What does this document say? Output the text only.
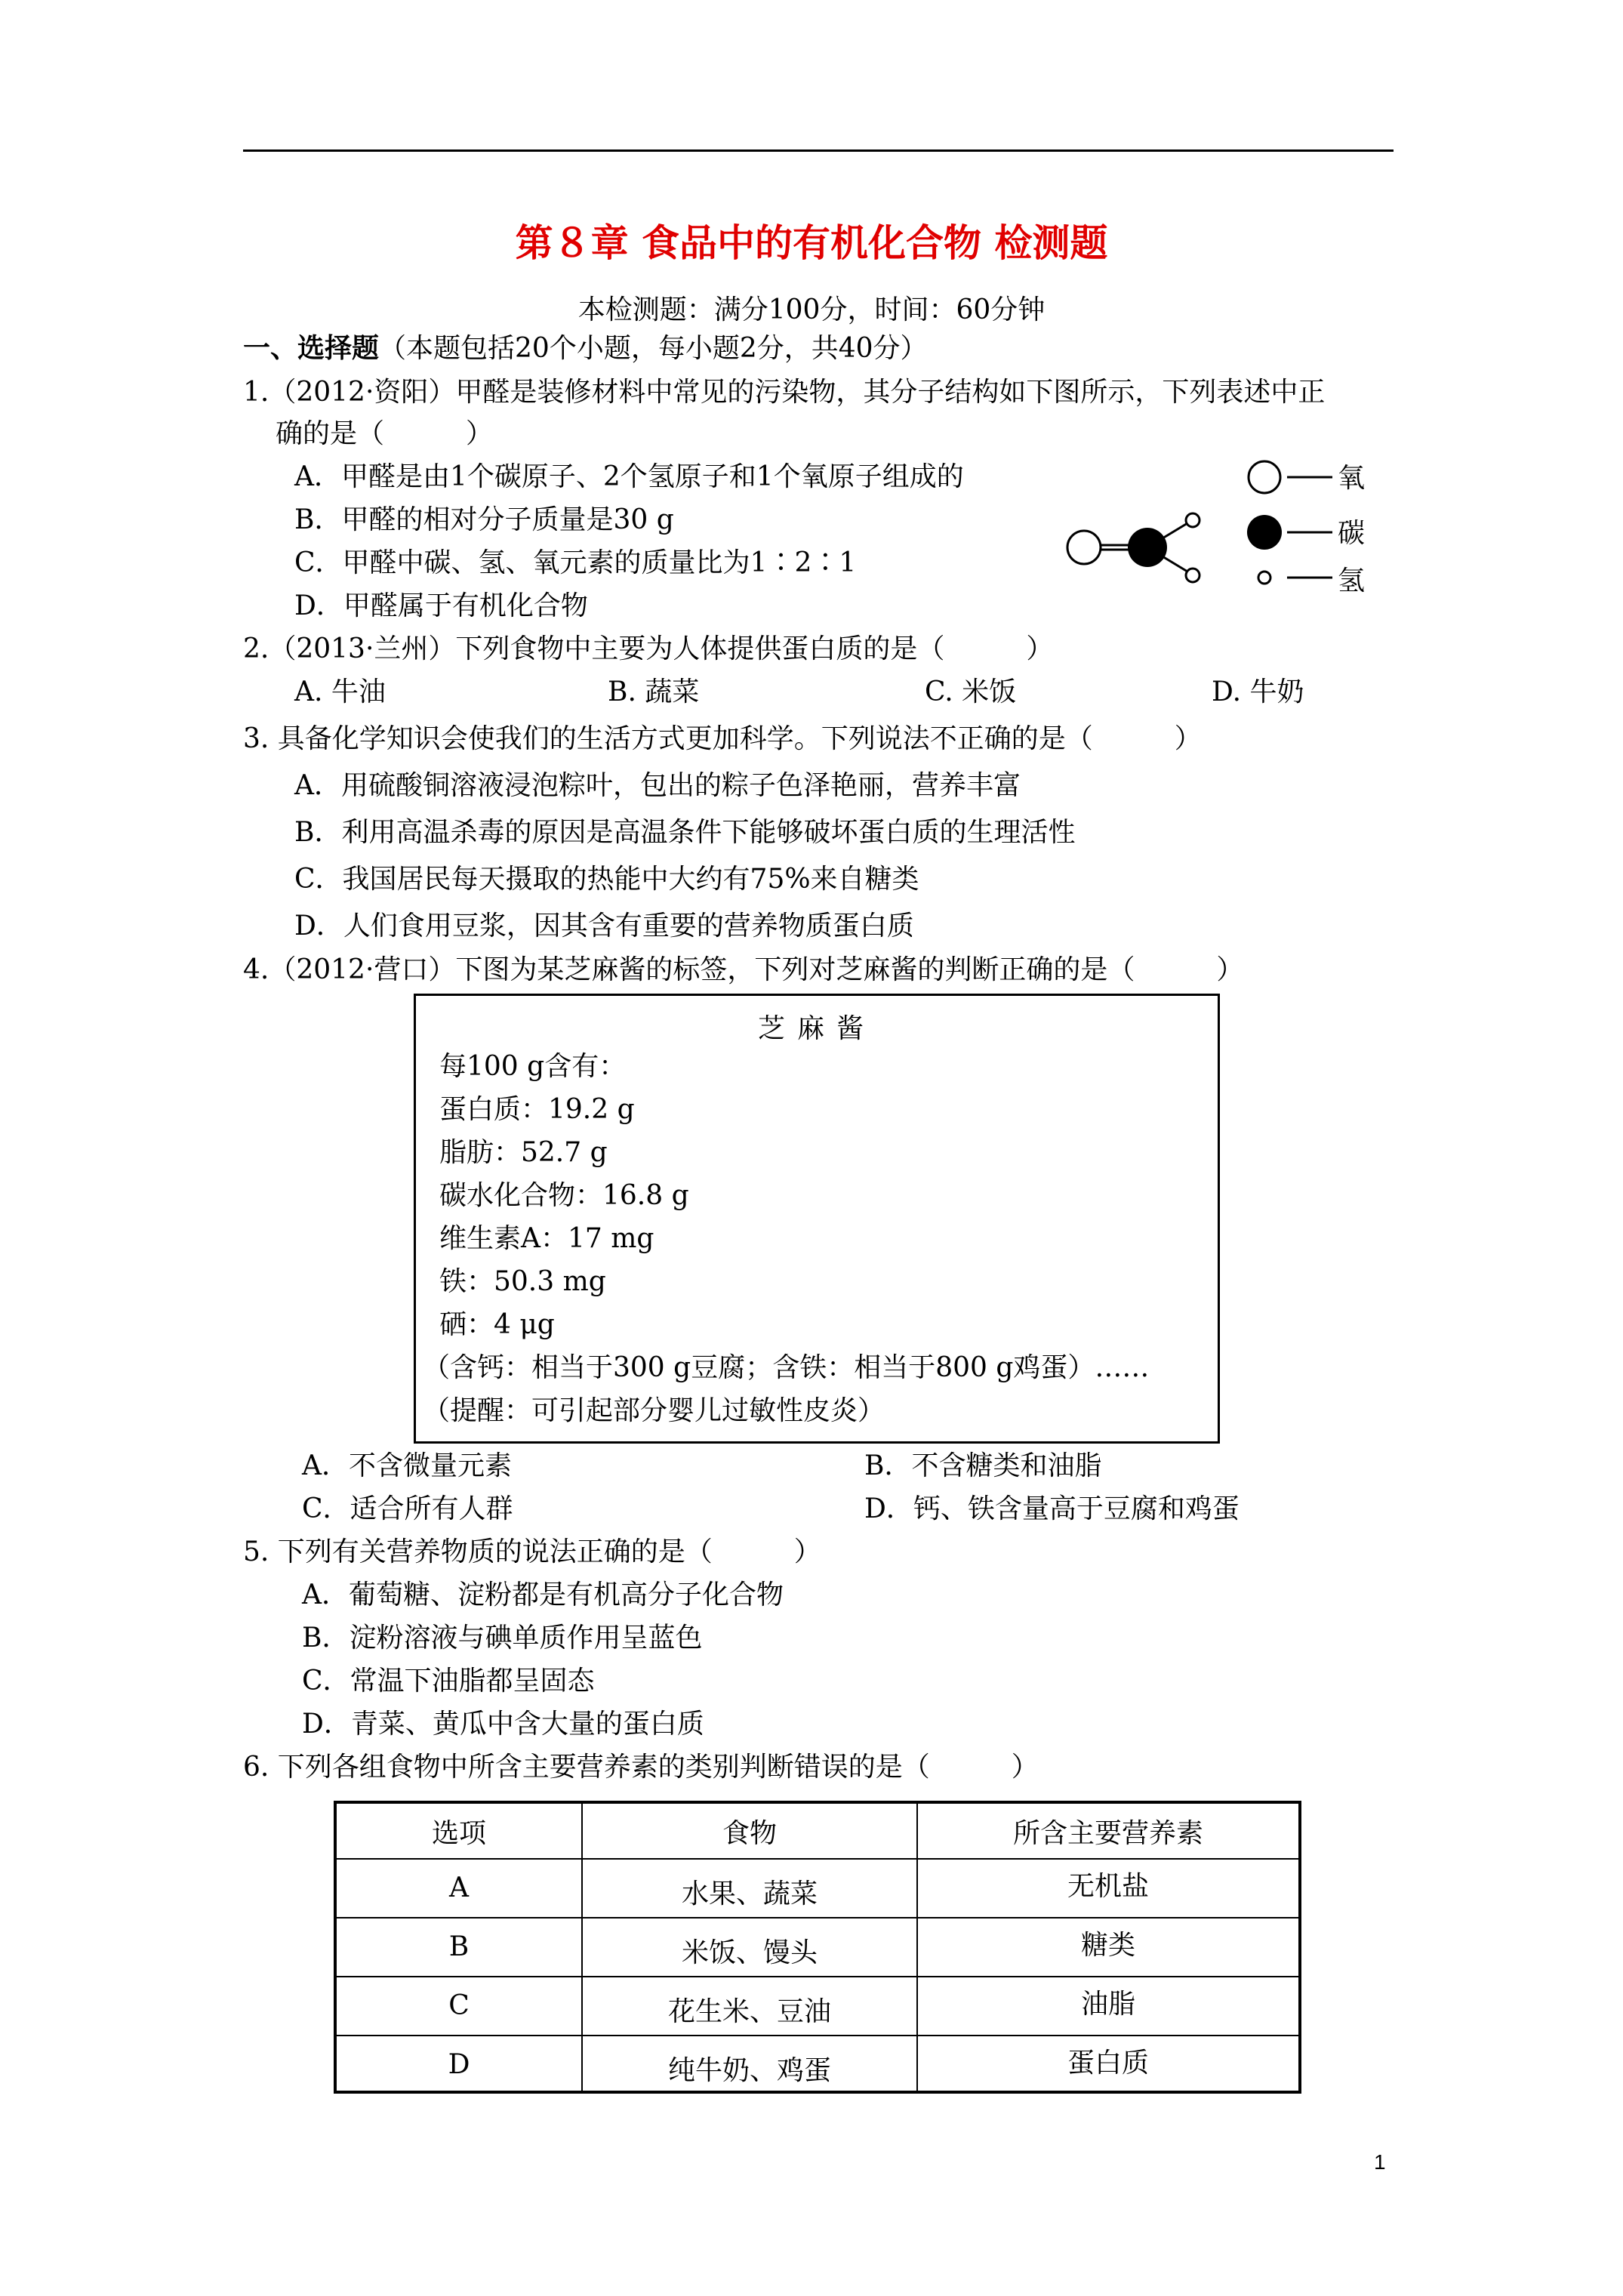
第８章 食品中的有机化合物 检测题
本检测题：满分100分，时间：60分钟
一、选择题（本题包括20个小题，每小题2分，共40分）
1.（2012·资阳）甲醛是装修材料中常见的污染物，其分子结构如下图所示，下列表述中正
确的是（　　　）
A．甲醛是由1个碳原子、2个氢原子和1个氧原子组成的
B．甲醛的相对分子质量是30 g
C．甲醛中碳、氢、氧元素的质量比为1∶2∶1
D．甲醛属于有机化合物
氧
碳
氢
2.（2013·兰州）下列食物中主要为人体提供蛋白质的是（　　　）
A. 牛油	B. 蔬菜	C. 米饭	D. 牛奶
3. 具备化学知识会使我们的生活方式更加科学。下列说法不正确的是（　　　）
A．用硫酸铜溶液浸泡粽叶，包出的粽子色泽艳丽，营养丰富
B．利用高温杀毒的原因是高温条件下能够破坏蛋白质的生理活性
C．我国居民每天摄取的热能中大约有75%来自糖类
D．人们食用豆浆，因其含有重要的营养物质蛋白质
4.（2012·营口）下图为某芝麻酱的标签，下列对芝麻酱的判断正确的是（　　　）
芝麻酱
每100 g含有：
蛋白质：19.2 g
脂肪：52.7 g
碳水化合物：16.8 g
维生素A：17 mg
铁：50.3 mg
硒：4 μg
（含钙：相当于300 g豆腐；含铁：相当于800 g鸡蛋）……
（提醒：可引起部分婴儿过敏性皮炎）
A．不含微量元素	B．不含糖类和油脂
C．适合所有人群	D．钙、铁含量高于豆腐和鸡蛋
5. 下列有关营养物质的说法正确的是（　　　）
A．葡萄糖、淀粉都是有机高分子化合物
B．淀粉溶液与碘单质作用呈蓝色
C．常温下油脂都呈固态
D．青菜、黄瓜中含大量的蛋白质
6. 下列各组食物中所含主要营养素的类别判断错误的是（　　　）
选项	食物	所含主要营养素
A	水果、蔬菜	无机盐
B	米饭、馒头	糖类
C	花生米、豆油	油脂
D	纯牛奶、鸡蛋	蛋白质
1
